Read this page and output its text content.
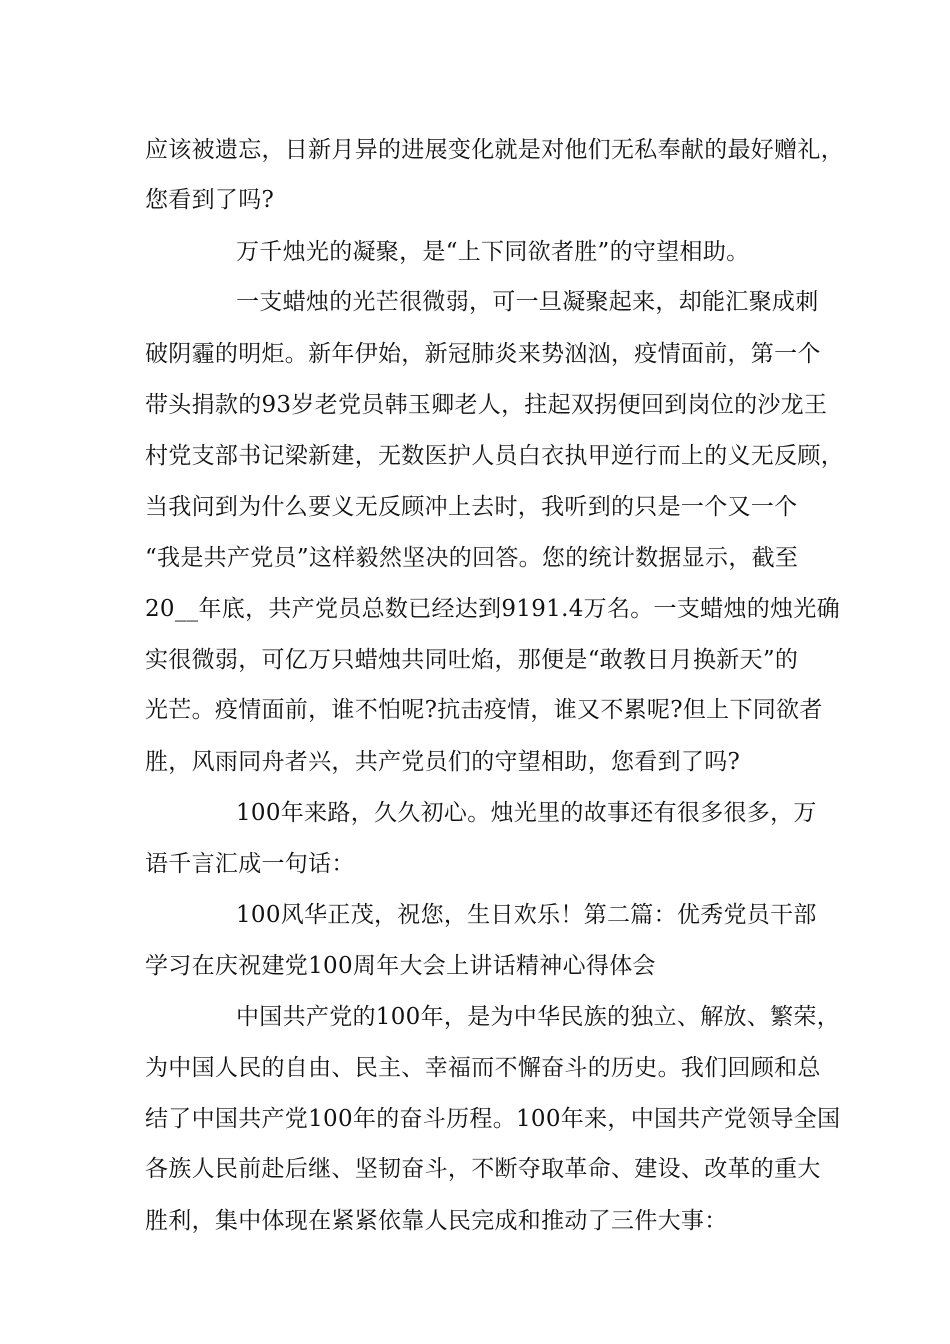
应该被遗忘，日新月异的进展变化就是对他们无私奉献的最好赠礼，
您看到了吗?
万千烛光的凝聚，是“上下同欲者胜”的守望相助。
一支蜡烛的光芒很微弱，可一旦凝聚起来，却能汇聚成刺
破阴霾的明炬。新年伊始，新冠肺炎来势汹汹，疫情面前，第一个
带头捐款的93岁老党员韩玉卿老人，拄起双拐便回到岗位的沙龙王
村党支部书记梁新建，无数医护人员白衣执甲逆行而上的义无反顾，
当我问到为什么要义无反顾冲上去时，我听到的只是一个又一个
“我是共产党员”这样毅然坚决的回答。您的统计数据显示，截至
20__年底，共产党员总数已经达到9191.4万名。一支蜡烛的烛光确
实很微弱，可亿万只蜡烛共同吐焰，那便是“敢教日月换新天”的
光芒。疫情面前，谁不怕呢?抗击疫情，谁又不累呢?但上下同欲者
胜，风雨同舟者兴，共产党员们的守望相助，您看到了吗?
100年来路，久久初心。烛光里的故事还有很多很多，万
语千言汇成一句话：
100风华正茂，祝您，生日欢乐！第二篇：优秀党员干部
学习在庆祝建党100周年大会上讲话精神心得体会
中国共产党的100年，是为中华民族的独立、解放、繁荣，
为中国人民的自由、民主、幸福而不懈奋斗的历史。我们回顾和总
结了中国共产党100年的奋斗历程。100年来，中国共产党领导全国
各族人民前赴后继、坚韧奋斗，不断夺取革命、建设、改革的重大
胜利，集中体现在紧紧依靠人民完成和推动了三件大事：
